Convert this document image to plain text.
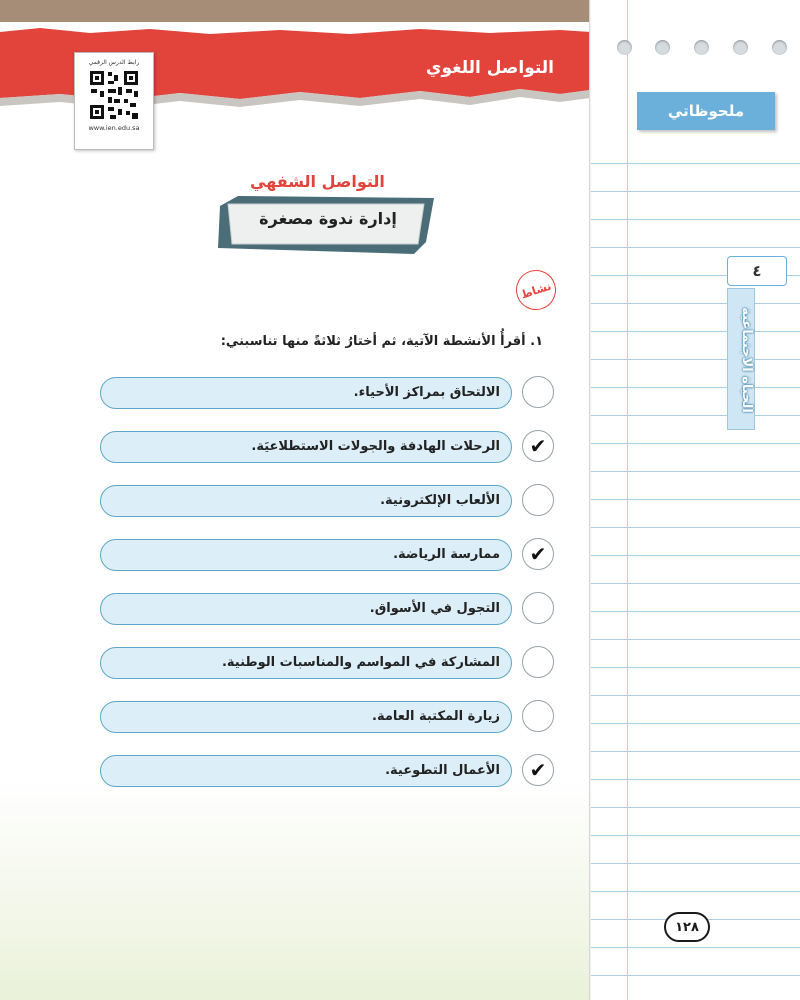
التواصل اللغوي
رابط الدرس الرقمي
www.ien.edu.sa
التواصل الشفهي
إدارة ندوة مصغرة
نشاط
١. أقرأُ الأنشطة الآتية، ثم أختارُ ثلاثةً منها تناسبني:
الالتحاق بمراكز الأحياء.
الرحلات الهادفة والجولات الاستطلاعيَة. ✔
الألعاب الإلكترونية.
ممارسة الرياضة. ✔
التجول في الأسواق.
المشاركة في المواسم والمناسبات الوطنية.
زيارة المكتبة العامة.
الأعمال التطوعية. ✔
ملحوظاتي
٤
الحياة الاجتماعية
١٢٨
